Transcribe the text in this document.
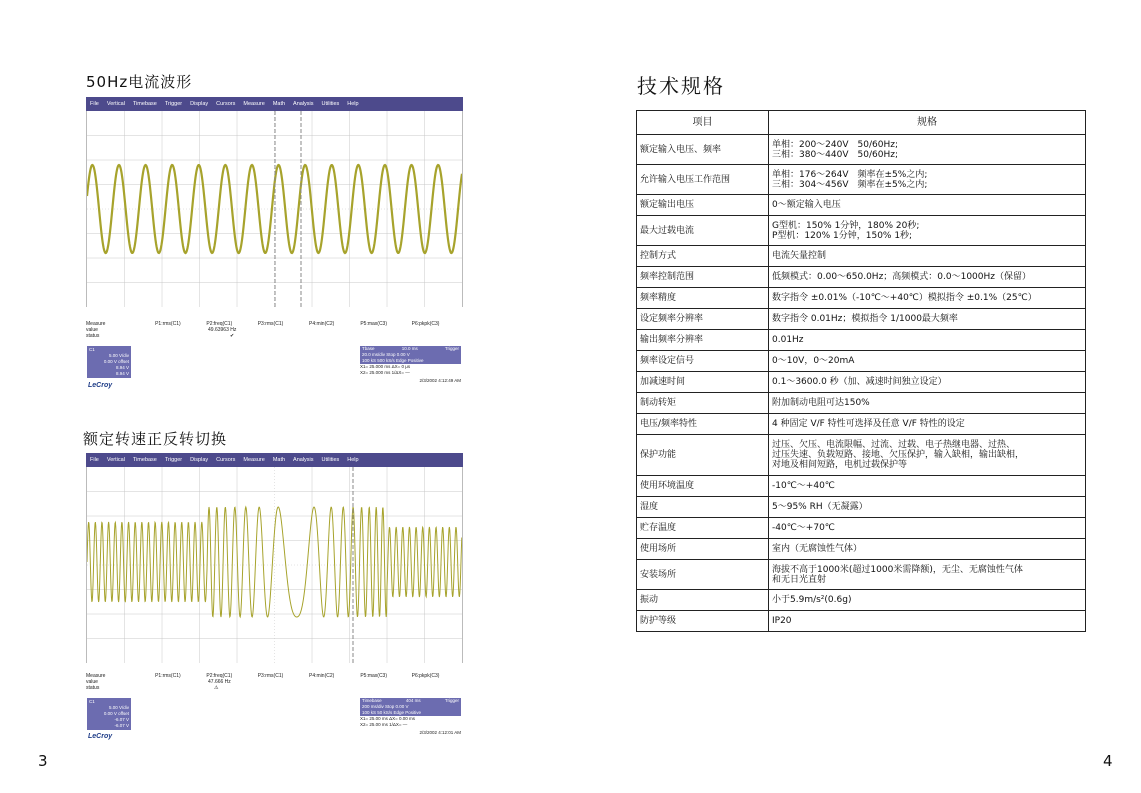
50Hz电流波形
File Vertical Timebase Trigger Display Cursors Measure Math Analysis Utilities Help
Measure	P1:rms(C1)	P2:freq(C1)	P3:rms(C1)	P4:min(C2)	P5:max(C3)	P6:pkpk(C3)
value	49.63963 Hz
status	✔
C1
5.00 V/div
0.00 V offset
8.94 V
8.94 V
Tbase	10.0 ms	Trigger
20.0 ms/div Stop 0.00 V
100 kS 500 kS/s Edge Positive
X1= 25.000 ms ΔX= 0 μs
X2= 25.000 ms 1/ΔX= —
2/3/2002 4:12:49 AM
LeCroy
额定转速正反转切换
File Vertical Timebase Trigger Display Cursors Measure Math Analysis Utilities Help
Measure	P1:rms(C1)	P2:freq(C1)	P3:rms(C1)	P4:min(C2)	P5:max(C3)	P6:pkpk(C3)
value	47.666 Hz
status	⚠
C1
5.00 V/div
0.00 V offset
-6.07 V
-6.07 V
Timebase	404 ms	Trigger
200 ms/div Stop 0.00 V
100 kS 50 kS/s Edge Positive
X1= 25.00 ms ΔX= 0.00 ms
X2= 25.00 ms 1/ΔX= —
2/3/2002 4:12:01 AM
LeCroy
3
技术规格
项目	规格
额定输入电压、频率	单相：200～240V　50/60Hz;
三相：380～440V　50/60Hz;

允许输入电压工作范围	单相：176～264V　频率在±5%之内;
三相：304～456V　频率在±5%之内;

额定输出电压	0～额定输入电压

最大过载电流	G型机：150% 1分钟，180% 20秒;
P型机：120% 1分钟，150% 1秒;

控制方式	电流矢量控制

频率控制范围	低频模式：0.00～650.0Hz；高频模式：0.0～1000Hz（保留）

频率精度	数字指令 ±0.01%（-10℃～+40℃）模拟指令 ±0.1%（25℃）

设定频率分辨率	数字指令 0.01Hz；模拟指令 1/1000最大频率

输出频率分辨率	0.01Hz

频率设定信号	0～10V，0～20mA

加减速时间	0.1～3600.0 秒（加、减速时间独立设定）

制动转矩	附加制动电阻可达150%

电压/频率特性	4 种固定 V/F 特性可选择及任意 V/F 特性的设定

保护功能	过压、欠压、电流限幅、过流、过载、电子热继电器、过热、
过压失速、负载短路、接地、欠压保护，输入缺相，输出缺相，
对地及相间短路，电机过载保护等

使用环境温度	-10℃～+40℃

湿度	5～95% RH（无凝露）

贮存温度	-40℃～+70℃

使用场所	室内（无腐蚀性气体）

安装场所	海拔不高于1000米(超过1000米需降额)，无尘、无腐蚀性气体
和无日光直射

振动	小于5.9m/s²(0.6g)

防护等级	IP20
4
